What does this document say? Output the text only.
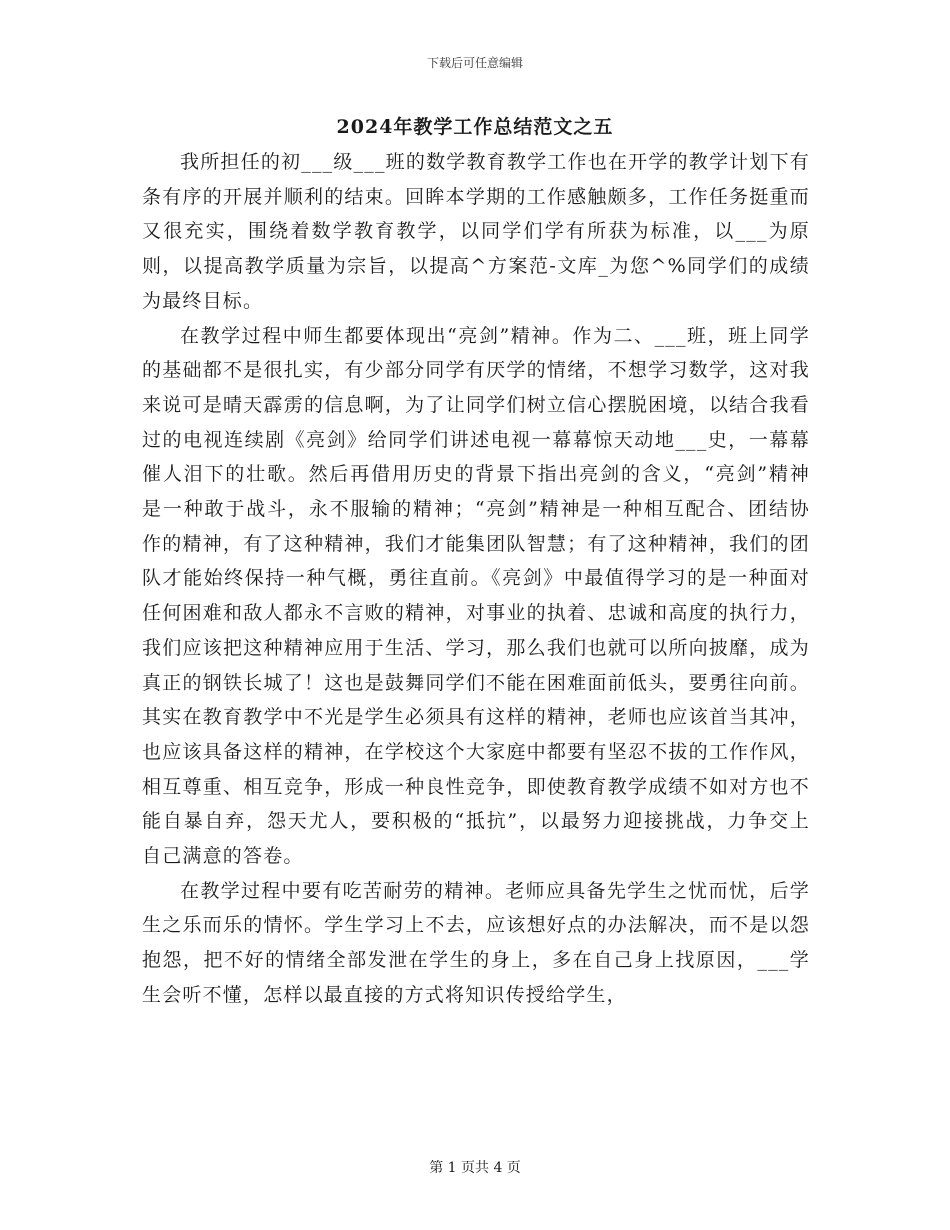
下载后可任意编辑
2024年教学工作总结范文之五

我所担任的初___级___班的数学教育教学工作也在开学的教学计划下有条有序的开展并顺利的结束。回眸本学期的工作感触颇多，工作任务挺重而又很充实，围绕着数学教育教学，以同学们学有所获为标准，以___为原则，以提高教学质量为宗旨，以提高^方案范-文库_为您^%同学们的成绩为最终目标。

在教学过程中师生都要体现出“亮剑”精神。作为二、___班，班上同学的基础都不是很扎实，有少部分同学有厌学的情绪，不想学习数学，这对我来说可是晴天霹雳的信息啊，为了让同学们树立信心摆脱困境，以结合我看过的电视连续剧《亮剑》给同学们讲述电视一幕幕惊天动地___史，一幕幕催人泪下的壮歌。然后再借用历史的背景下指出亮剑的含义，“亮剑”精神是一种敢于战斗，永不服输的精神；“亮剑”精神是一种相互配合、团结协作的精神，有了这种精神，我们才能集团队智慧；有了这种精神，我们的团队才能始终保持一种气概，勇往直前。《亮剑》中最值得学习的是一种面对任何困难和敌人都永不言败的精神，对事业的执着、忠诚和高度的执行力，我们应该把这种精神应用于生活、学习，那么我们也就可以所向披靡，成为真正的钢铁长城了！这也是鼓舞同学们不能在困难面前低头，要勇往向前。其实在教育教学中不光是学生必须具有这样的精神，老师也应该首当其冲，也应该具备这样的精神，在学校这个大家庭中都要有坚忍不拔的工作作风，相互尊重、相互竞争，形成一种良性竞争，即使教育教学成绩不如对方也不能自暴自弃，怨天尤人，要积极的“抵抗”，以最努力迎接挑战，力争交上自己满意的答卷。

在教学过程中要有吃苦耐劳的精神。老师应具备先学生之忧而忧，后学生之乐而乐的情怀。学生学习上不去，应该想好点的办法解决，而不是以怨抱怨，把不好的情绪全部发泄在学生的身上，多在自己身上找原因，___学生会听不懂，怎样以最直接的方式将知识传授给学生，

第 1 页共 4 页
